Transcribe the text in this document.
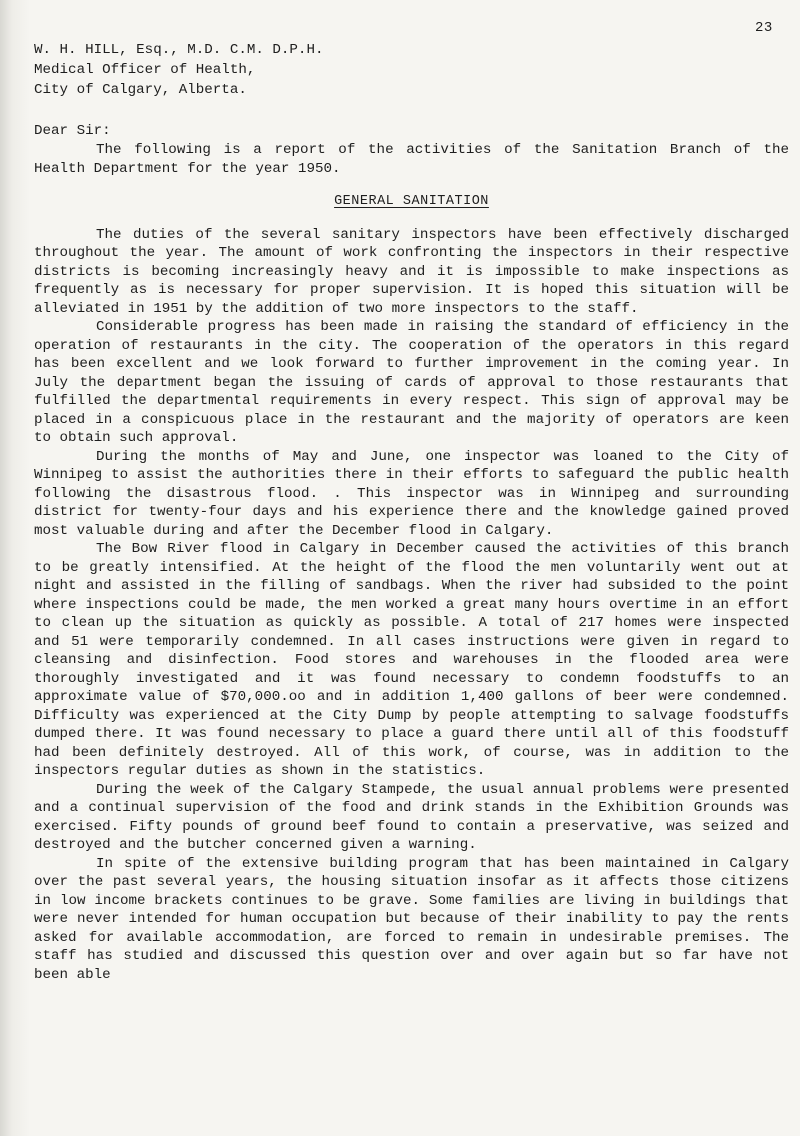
23
W. H. HILL, Esq., M.D. C.M. D.P.H.
Medical Officer of Health,
City of Calgary, Alberta.
Dear Sir:

The following is a report of the activities of the Sanitation Branch of the Health Department for the year 1950.

GENERAL SANITATION

The duties of the several sanitary inspectors have been effectively discharged throughout the year. The amount of work confronting the inspectors in their respective districts is becoming increasingly heavy and it is impossible to make inspections as frequently as is necessary for proper supervision. It is hoped this situation will be alleviated in 1951 by the addition of two more inspectors to the staff.

Considerable progress has been made in raising the standard of efficiency in the operation of restaurants in the city. The cooperation of the operators in this regard has been excellent and we look forward to further improvement in the coming year. In July the department began the issuing of cards of approval to those restaurants that fulfilled the departmental requirements in every respect. This sign of approval may be placed in a conspicuous place in the restaurant and the majority of operators are keen to obtain such approval.

During the months of May and June, one inspector was loaned to the City of Winnipeg to assist the authorities there in their efforts to safeguard the public health following the disastrous flood. . This inspector was in Winnipeg and surrounding district for twenty-four days and his experience there and the knowledge gained proved most valuable during and after the December flood in Calgary.

The Bow River flood in Calgary in December caused the activities of this branch to be greatly intensified. At the height of the flood the men voluntarily went out at night and assisted in the filling of sandbags. When the river had subsided to the point where inspections could be made, the men worked a great many hours overtime in an effort to clean up the situation as quickly as possible. A total of 217 homes were inspected and 51 were temporarily condemned. In all cases instructions were given in regard to cleansing and disinfection. Food stores and warehouses in the flooded area were thoroughly investigated and it was found necessary to condemn foodstuffs to an approximate value of $70,000.oo and in addition 1,400 gallons of beer were condemned. Difficulty was experienced at the City Dump by people attempting to salvage foodstuffs dumped there. It was found necessary to place a guard there until all of this foodstuff had been definitely destroyed. All of this work, of course, was in addition to the inspectors regular duties as shown in the statistics.

During the week of the Calgary Stampede, the usual annual problems were presented and a continual supervision of the food and drink stands in the Exhibition Grounds was exercised. Fifty pounds of ground beef found to contain a preservative, was seized and destroyed and the butcher concerned given a warning.

In spite of the extensive building program that has been maintained in Calgary over the past several years, the housing situation insofar as it affects those citizens in low income brackets continues to be grave. Some families are living in buildings that were never intended for human occupation but because of their inability to pay the rents asked for available accommodation, are forced to remain in undesirable premises. The staff has studied and discussed this question over and over again but so far have not been able
